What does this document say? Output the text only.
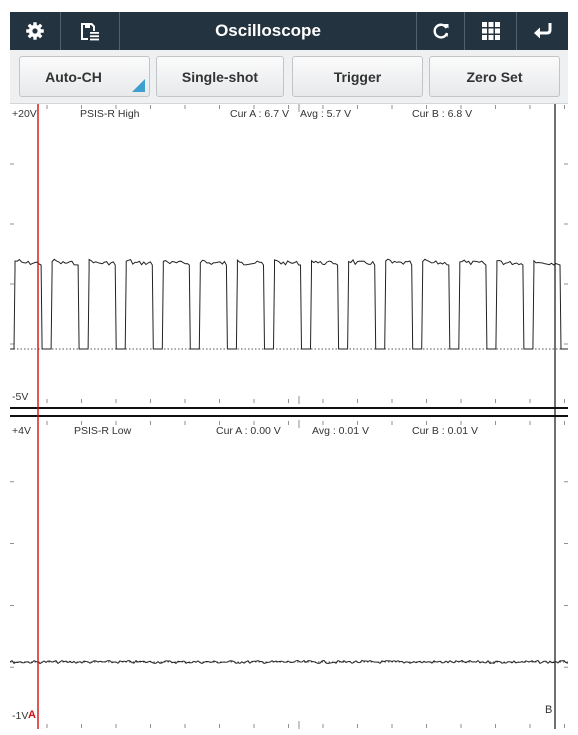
Oscilloscope
Auto-CH	Single-shot	Trigger	Zero Set
+20V	PSIS-R High	Cur A : 6.7 V Avg : 5.7 V	Cur B : 6.8 V
-5V
+4V	PSIS-R Low	Cur A : 0.00 V	Avg : 0.01 V	Cur B : 0.01 V
-1V A	B
